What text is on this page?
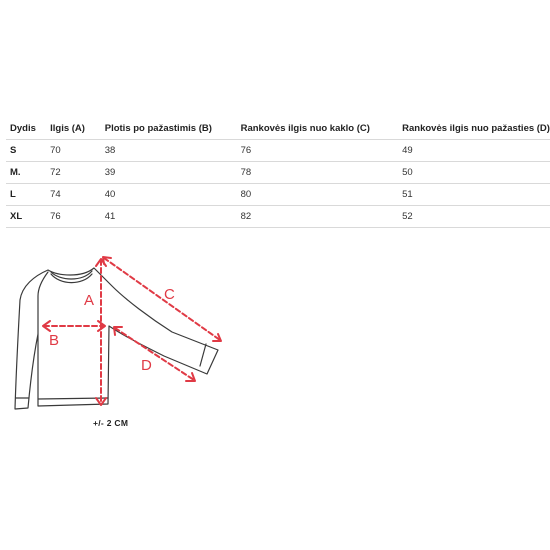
Dydis	Ilgis (A)	Plotis po pažastimis (B)	Rankovės ilgis nuo kaklo (C)	Rankovės ilgis nuo pažasties (D)
S	70	38	76	49
M.	72	39	78	50
L	74	40	80	51
XL	76	41	82	52
A
B
C
D
+/- 2 CM
